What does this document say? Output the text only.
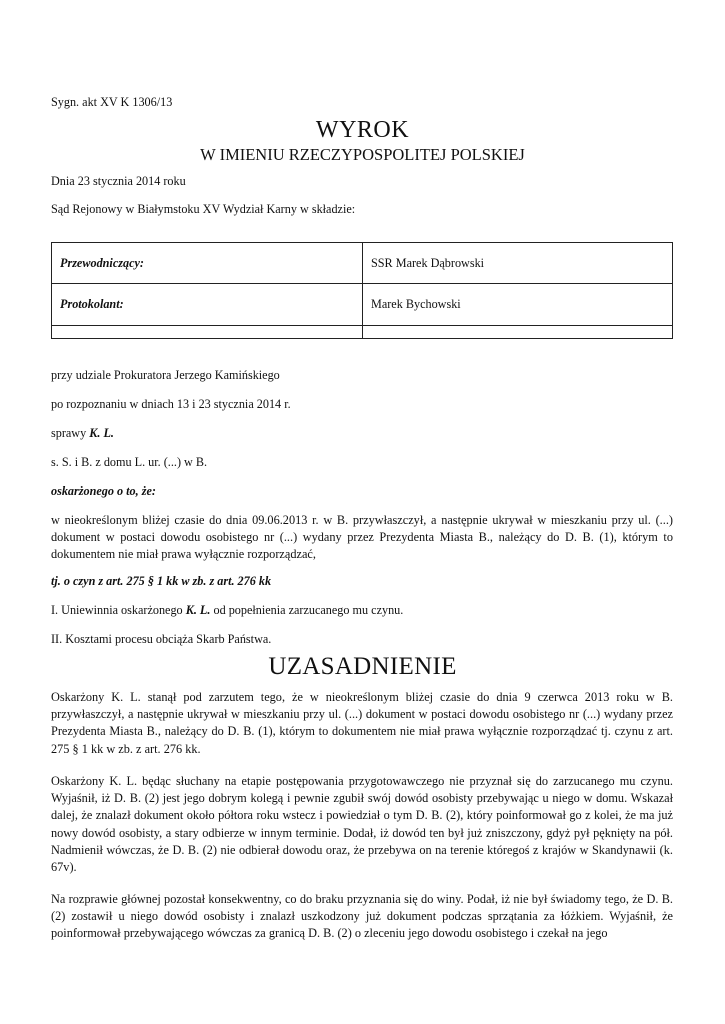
Sygn. akt XV K 1306/13

WYROK

W IMIENIU RZECZYPOSPOLITEJ POLSKIEJ

Dnia 23 stycznia 2014 roku

Sąd Rejonowy w Białymstoku XV Wydział Karny w składzie:

Przewodniczący:	SSR Marek Dąbrowski
Protokolant:	Marek Bychowski

przy udziale Prokuratora Jerzego Kamińskiego

po rozpoznaniu w dniach 13 i 23 stycznia 2014 r.

sprawy K. L.

s. S. i B. z domu L. ur. (...) w B.

oskarżonego o to, że:

w nieokreślonym bliżej czasie do dnia 09.06.2013 r. w B. przywłaszczył, a następnie ukrywał w mieszkaniu przy ul. (...) dokument w postaci dowodu osobistego nr (...) wydany przez Prezydenta Miasta B., należący do D. B. (1), którym to dokumentem nie miał prawa wyłącznie rozporządzać,

tj. o czyn z art. 275 § 1 kk w zb. z art. 276 kk

I. Uniewinnia oskarżonego K. L. od popełnienia zarzucanego mu czynu.

II. Kosztami procesu obciąża Skarb Państwa.

UZASADNIENIE

Oskarżony K. L. stanął pod zarzutem tego, że w nieokreślonym bliżej czasie do dnia 9 czerwca 2013 roku w B. przywłaszczył, a następnie ukrywał w mieszkaniu przy ul. (...) dokument w postaci dowodu osobistego nr (...) wydany przez Prezydenta Miasta B., należący do D. B. (1), którym to dokumentem nie miał prawa wyłącznie rozporządzać tj. czynu z art. 275 § 1 kk w zb. z art. 276 kk.

Oskarżony K. L. będąc słuchany na etapie postępowania przygotowawczego nie przyznał się do zarzucanego mu czynu. Wyjaśnił, iż D. B. (2) jest jego dobrym kolegą i pewnie zgubił swój dowód osobisty przebywając u niego w domu. Wskazał dalej, że znalazł dokument około półtora roku wstecz i powiedział o tym D. B. (2), który poinformował go z kolei, że ma już nowy dowód osobisty, a stary odbierze w innym terminie. Dodał, iż dowód ten był już zniszczony, gdyż pył pęknięty na pół. Nadmienił wówczas, że D. B. (2) nie odbierał dowodu oraz, że przebywa on na terenie któregoś z krajów w Skandynawii (k. 67v).

Na rozprawie głównej pozostał konsekwentny, co do braku przyznania się do winy. Podał, iż nie był świadomy tego, że D. B. (2) zostawił u niego dowód osobisty i znalazł uszkodzony już dokument podczas sprzątania za łóżkiem. Wyjaśnił, że poinformował przebywającego wówczas za granicą D. B. (2) o zleceniu jego dowodu osobistego i czekał na jego
